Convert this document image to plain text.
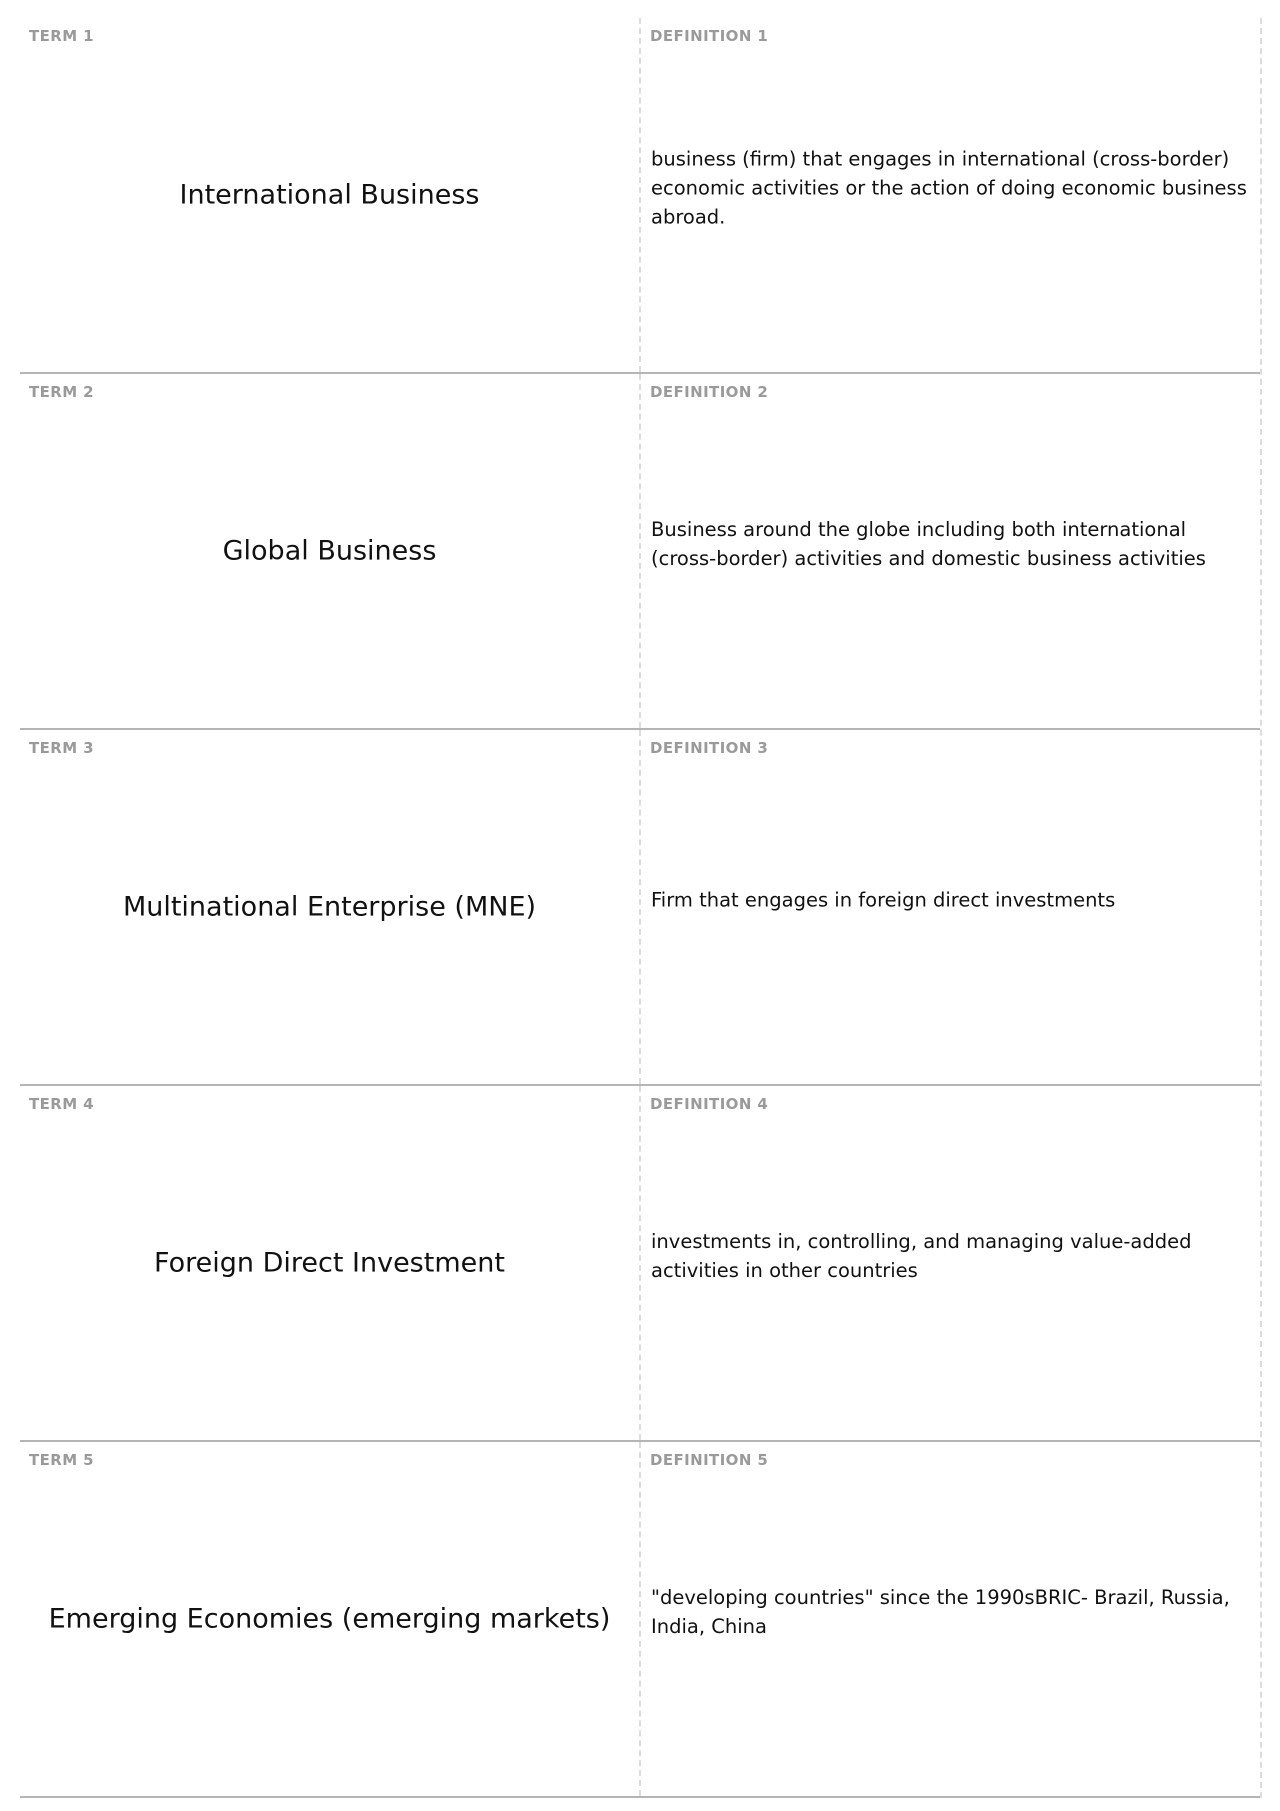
TERM 1
International Business
DEFINITION 1
business (firm) that engages in international (cross-border) economic activities or the action of doing economic business abroad.
TERM 2
Global Business
DEFINITION 2
Business around the globe including both international (cross-border) activities and domestic business activities
TERM 3
Multinational Enterprise (MNE)
DEFINITION 3
Firm that engages in foreign direct investments
TERM 4
Foreign Direct Investment
DEFINITION 4
investments in, controlling, and managing value-added activities in other countries
TERM 5
Emerging Economies (emerging markets)
DEFINITION 5
"developing countries" since the 1990sBRIC- Brazil, Russia, India, China
